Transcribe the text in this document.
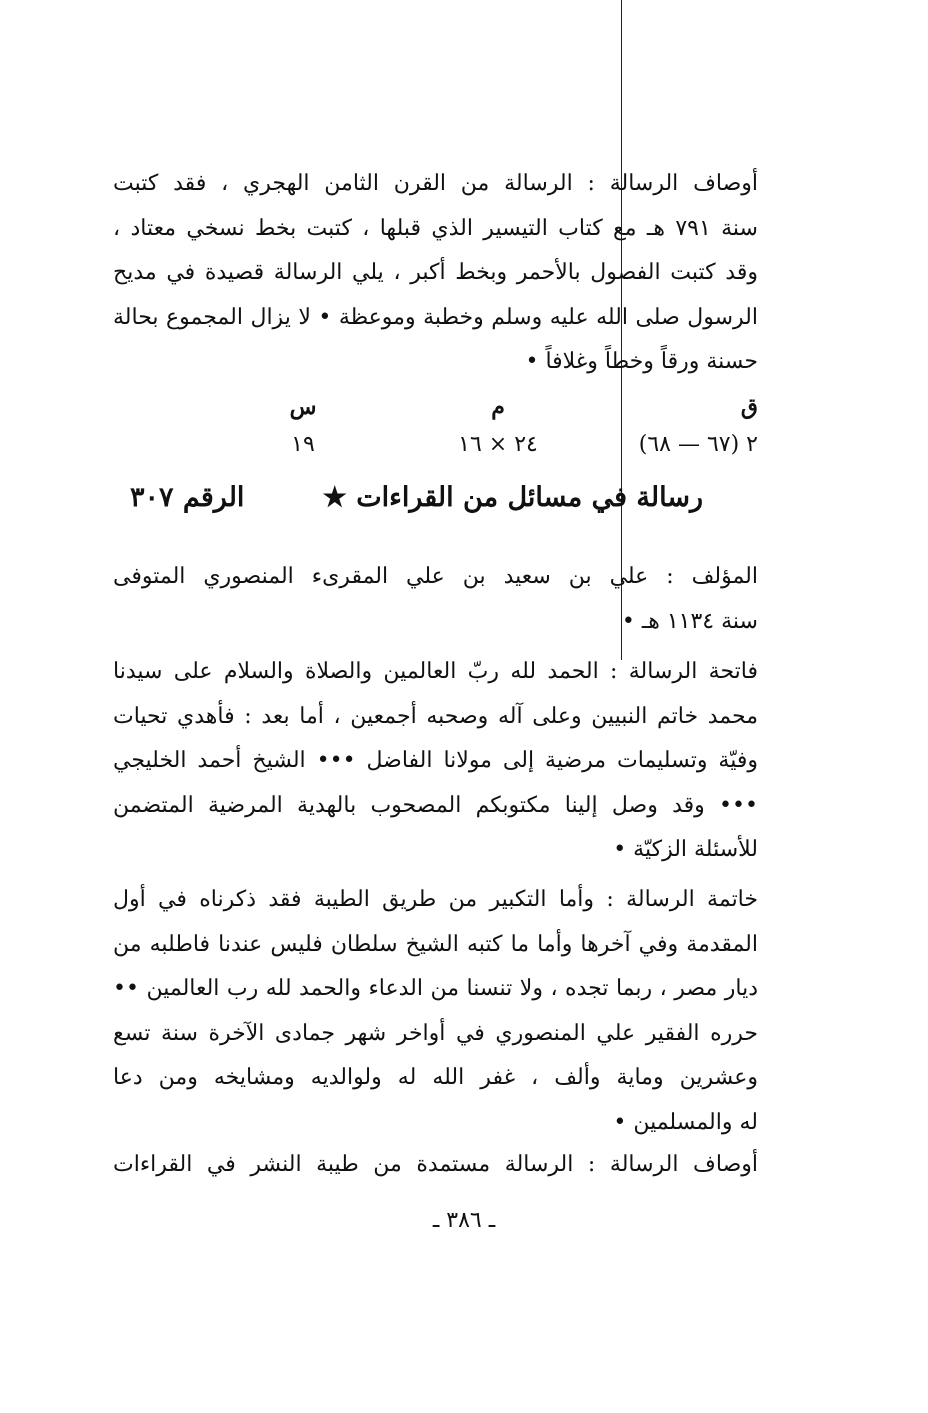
أوصاف الرسالة : الرسالة من القرن الثامن الهجري ، فقد كتبت
سنة ٧٩١ هـ مع كتاب التيسير الذي قبلها ، كتبت بخط نسخي معتاد ،
وقد كتبت الفصول بالأحمر وبخط أكبر ، يلي الرسالة قصيدة في مديح
الرسول صلى الله عليه وسلم وخطبة وموعظة • لا يزال المجموع بحالة
حسنة ورقاً وخطاً وغلافاً •
ق
٢ (٦٧ — ٦٨)
م
٢٤ × ١٦
س
١٩
رسالة في مسائل من القراءات ★
الرقم ٣٠٧
المؤلف : علي بن سعيد بن علي المقرىء المنصوري المتوفى
سنة ١١٣٤ هـ •
فاتحة الرسالة : الحمد لله ربّ العالمين والصلاة والسلام على سيدنا
محمد خاتم النبيين وعلى آله وصحبه أجمعين ، أما بعد : فأهدي تحيات
وفيّة وتسليمات مرضية إلى مولانا الفاضل ••• الشيخ أحمد الخليجي
••• وقد وصل إلينا مكتوبكم المصحوب بالهدية المرضية المتضمن
للأسئلة الزكيّة •
خاتمة الرسالة : وأما التكبير من طريق الطيبة فقد ذكرناه في أول
المقدمة وفي آخرها وأما ما كتبه الشيخ سلطان فليس عندنا فاطلبه من
ديار مصر ، ربما تجده ، ولا تنسنا من الدعاء والحمد لله رب العالمين ••
حرره الفقير علي المنصوري في أواخر شهر جمادى الآخرة سنة تسع
وعشرين وماية وألف ، غفر الله له ولوالديه ومشايخه ومن دعا
له والمسلمين •
أوصاف الرسالة : الرسالة مستمدة من طيبة النشر في القراءات
ـ ٣٨٦ ـ
